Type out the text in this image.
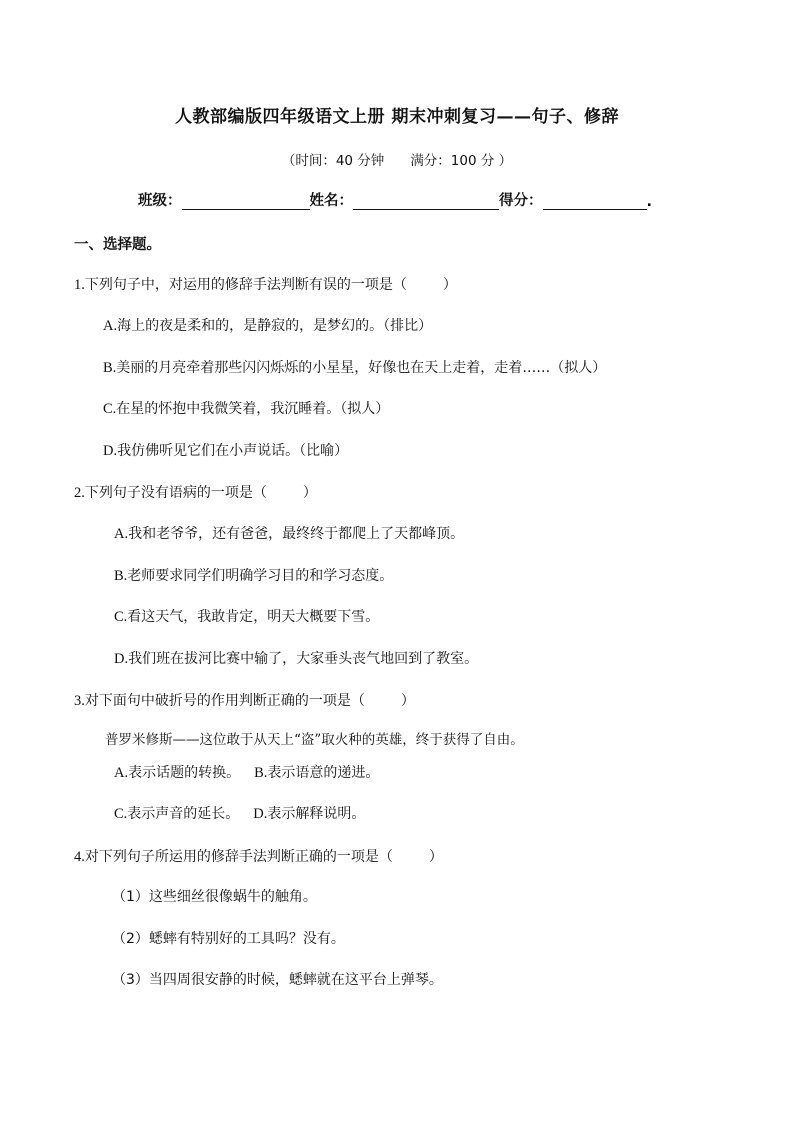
人教部编版四年级语文上册 期末冲刺复习——句子、修辞
（时间：40 分钟 满分：100 分 ）
班级：	姓名：	得分：	.
一、选择题。
1.下列句子中，对运用的修辞手法判断有误的一项是（	）
A.海上的夜是柔和的，是静寂的，是梦幻的。（排比）
B.美丽的月亮牵着那些闪闪烁烁的小星星，好像也在天上走着，走着……（拟人）
C.在星的怀抱中我微笑着，我沉睡着。（拟人）
D.我仿佛听见它们在小声说话。（比喻）
2.下列句子没有语病的一项是（	）
A.我和老爷爷，还有爸爸，最终终于都爬上了天都峰顶。
B.老师要求同学们明确学习目的和学习态度。
C.看这天气，我敢肯定，明天大概要下雪。
D.我们班在拔河比赛中输了，大家垂头丧气地回到了教室。
3.对下面句中破折号的作用判断正确的一项是（	）
普罗米修斯——这位敢于从天上“盗”取火种的英雄，终于获得了自由。
A.表示话题的转换。 B.表示语意的递进。
C.表示声音的延长。 D.表示解释说明。
4.对下列句子所运用的修辞手法判断正确的一项是（	）
（1）这些细丝很像蜗牛的触角。
（2）蟋蟀有特别好的工具吗？没有。
（3）当四周很安静的时候，蟋蟀就在这平台上弹琴。
